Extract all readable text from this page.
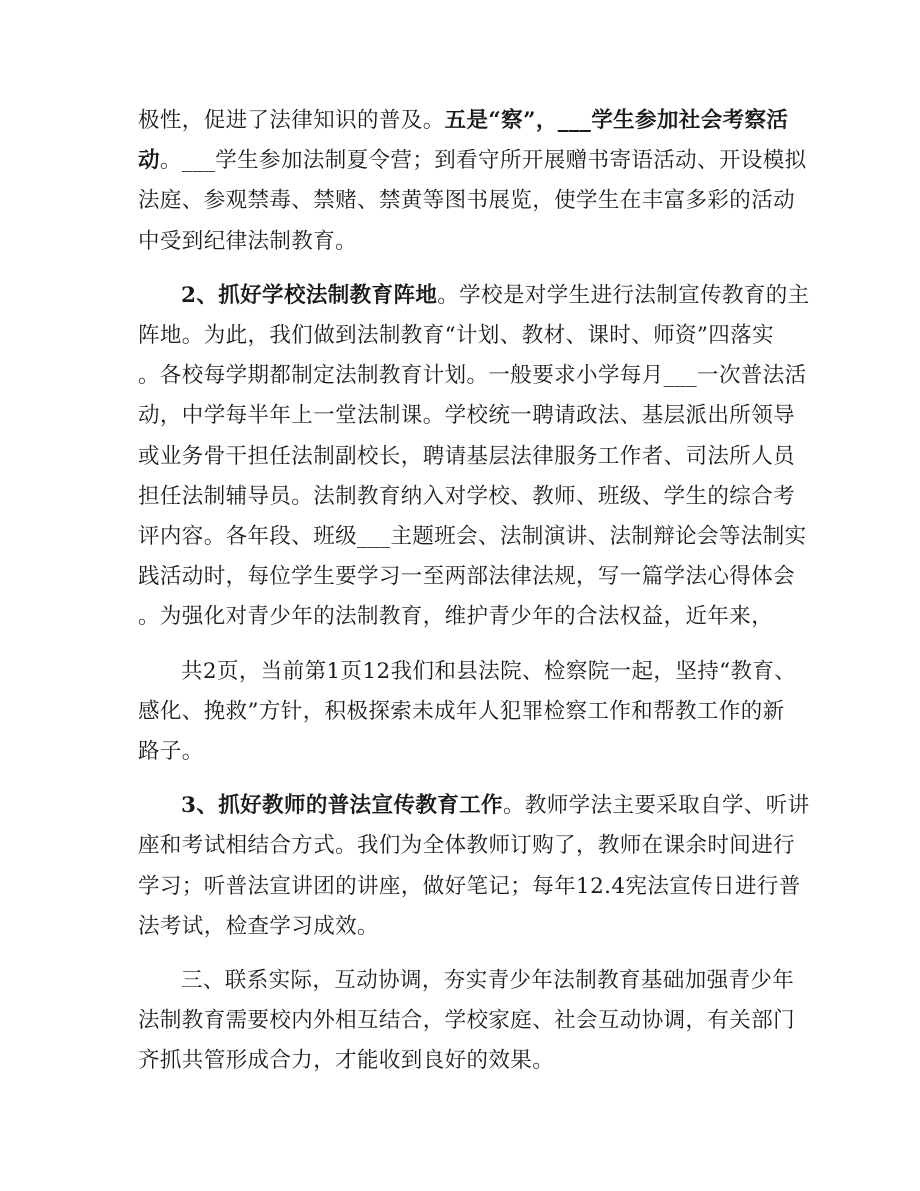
极性，促进了法律知识的普及。五是“察”，___学生参加社会考察活
动。___学生参加法制夏令营；到看守所开展赠书寄语活动、开设模拟
法庭、参观禁毒、禁赌、禁黄等图书展览，使学生在丰富多彩的活动
中受到纪律法制教育。
2、抓好学校法制教育阵地。学校是对学生进行法制宣传教育的主
阵地。为此，我们做到法制教育“计划、教材、课时、师资”四落实
。各校每学期都制定法制教育计划。一般要求小学每月___一次普法活
动，中学每半年上一堂法制课。学校统一聘请政法、基层派出所领导
或业务骨干担任法制副校长，聘请基层法律服务工作者、司法所人员
担任法制辅导员。法制教育纳入对学校、教师、班级、学生的综合考
评内容。各年段、班级___主题班会、法制演讲、法制辩论会等法制实
践活动时，每位学生要学习一至两部法律法规，写一篇学法心得体会
。为强化对青少年的法制教育，维护青少年的合法权益，近年来，
共2页，当前第1页12我们和县法院、检察院一起，坚持“教育、
感化、挽救”方针，积极探索未成年人犯罪检察工作和帮教工作的新
路子。
3、抓好教师的普法宣传教育工作。教师学法主要采取自学、听讲
座和考试相结合方式。我们为全体教师订购了，教师在课余时间进行
学习；听普法宣讲团的讲座，做好笔记；每年12.4宪法宣传日进行普
法考试，检查学习成效。
三、联系实际，互动协调，夯实青少年法制教育基础加强青少年
法制教育需要校内外相互结合，学校家庭、社会互动协调，有关部门
齐抓共管形成合力，才能收到良好的效果。
